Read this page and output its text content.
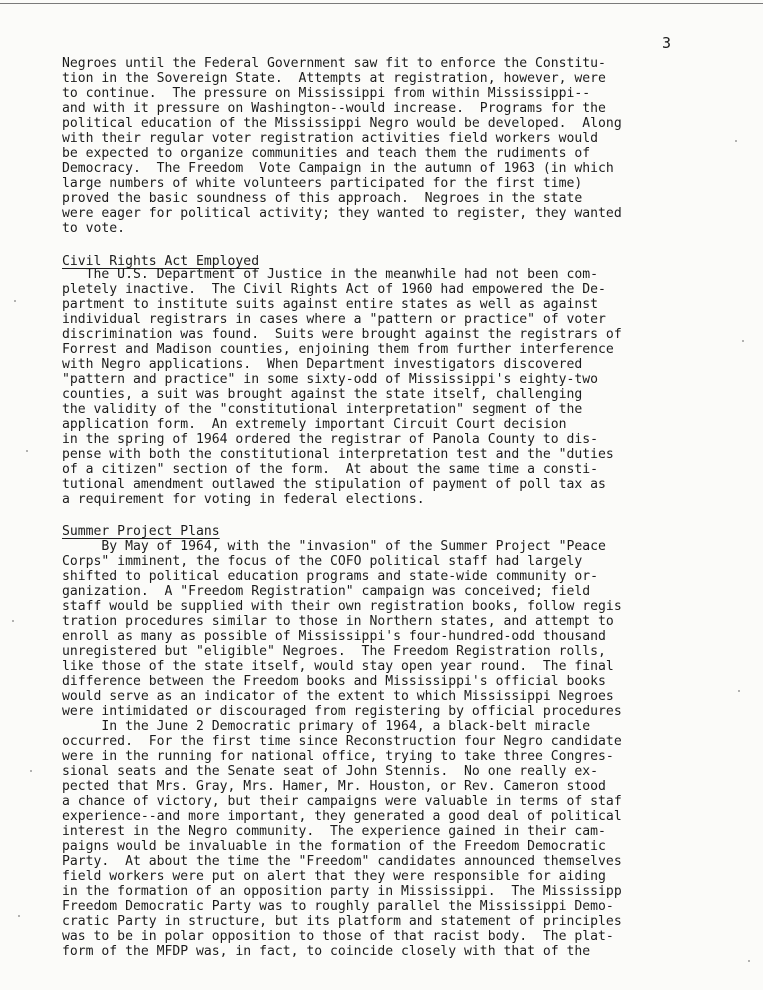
3
Negroes until the Federal Government saw fit to enforce the Constitu-
tion in the Sovereign State.  Attempts at registration, however, were
to continue.  The pressure on Mississippi from within Mississippi--
and with it pressure on Washington--would increase.  Programs for the
political education of the Mississippi Negro would be developed.  Along
with their regular voter registration activities field workers would
be expected to organize communities and teach them the rudiments of
Democracy.  The Freedom  Vote Campaign in the autumn of 1963 (in which
large numbers of white volunteers participated for the first time)
proved the basic soundness of this approach.  Negroes in the state
were eager for political activity; they wanted to register, they wanted
to vote.
Civil Rights Act Employed
The U.S. Department of Justice in the meanwhile had not been com-
pletely inactive.  The Civil Rights Act of 1960 had empowered the De-
partment to institute suits against entire states as well as against
individual registrars in cases where a "pattern or practice" of voter
discrimination was found.  Suits were brought against the registrars of
Forrest and Madison counties, enjoining them from further interference
with Negro applications.  When Department investigators discovered
"pattern and practice" in some sixty-odd of Mississippi's eighty-two
counties, a suit was brought against the state itself, challenging
the validity of the "constitutional interpretation" segment of the
application form.  An extremely important Circuit Court decision
in the spring of 1964 ordered the registrar of Panola County to dis-
pense with both the constitutional interpretation test and the "duties
of a citizen" section of the form.  At about the same time a consti-
tutional amendment outlawed the stipulation of payment of poll tax as
a requirement for voting in federal elections.
Summer Project Plans
By May of 1964, with the "invasion" of the Summer Project "Peace
Corps" imminent, the focus of the COFO political staff had largely
shifted to political education programs and state-wide community or-
ganization.  A "Freedom Registration" campaign was conceived; field
staff would be supplied with their own registration books, follow regis
tration procedures similar to those in Northern states, and attempt to
enroll as many as possible of Mississippi's four-hundred-odd thousand
unregistered but "eligible" Negroes.  The Freedom Registration rolls,
like those of the state itself, would stay open year round.  The final
difference between the Freedom books and Mississippi's official books
would serve as an indicator of the extent to which Mississippi Negroes
were intimidated or discouraged from registering by official procedures
In the June 2 Democratic primary of 1964, a black-belt miracle
occurred.  For the first time since Reconstruction four Negro candidate
were in the running for national office, trying to take three Congres-
sional seats and the Senate seat of John Stennis.  No one really ex-
pected that Mrs. Gray, Mrs. Hamer, Mr. Houston, or Rev. Cameron stood
a chance of victory, but their campaigns were valuable in terms of staf
experience--and more important, they generated a good deal of political
interest in the Negro community.  The experience gained in their cam-
paigns would be invaluable in the formation of the Freedom Democratic
Party.  At about the time the "Freedom" candidates announced themselves
field workers were put on alert that they were responsible for aiding
in the formation of an opposition party in Mississippi.  The Mississipp
Freedom Democratic Party was to roughly parallel the Mississippi Demo-
cratic Party in structure, but its platform and statement of principles
was to be in polar opposition to those of that racist body.  The plat-
form of the MFDP was, in fact, to coincide closely with that of the
